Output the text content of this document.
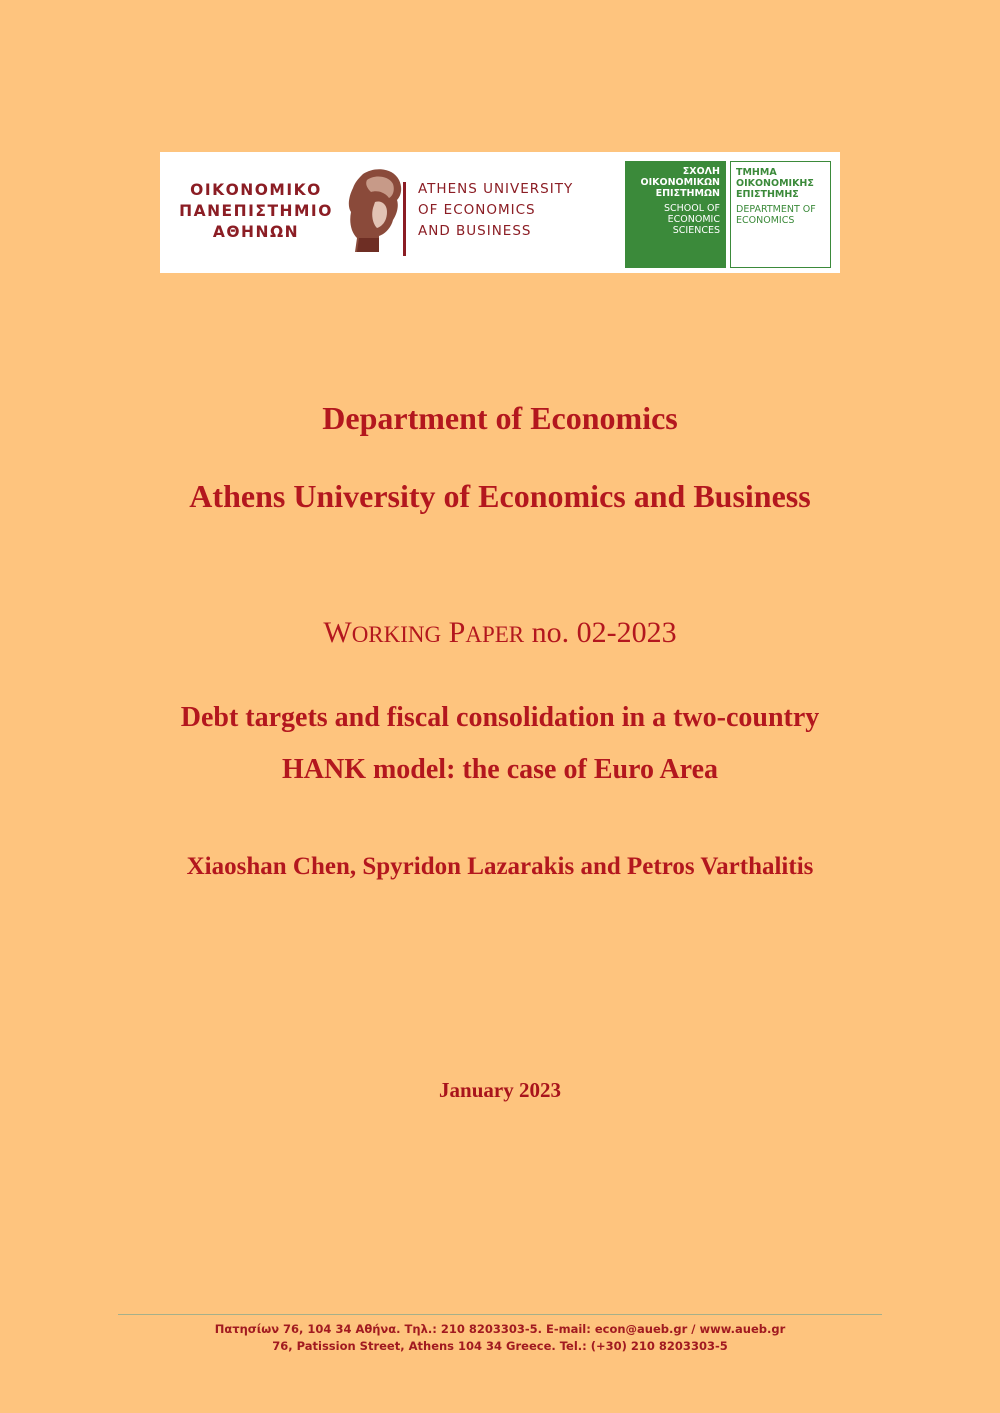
ΟΙΚΟΝΟΜΙΚΟ
ΠΑΝΕΠΙΣΤΗΜΙΟ
ΑΘΗΝΩΝ
ATHENS UNIVERSITY
OF ECONOMICS
AND BUSINESS
ΣΧΟΛΗ
ΟΙΚΟΝΟΜΙΚΩΝ
ΕΠΙΣΤΗΜΩΝ
SCHOOL OF
ECONOMIC
SCIENCES
ΤΜΗΜΑ
ΟΙΚΟΝΟΜΙΚΗΣ
ΕΠΙΣΤΗΜΗΣ
DEPARTMENT OF
ECONOMICS
Department of Economics
Athens University of Economics and Business
WORKING PAPER no. 02-2023
Debt targets and fiscal consolidation in a two-country
HANK model: the case of Euro Area
Xiaoshan Chen, Spyridon Lazarakis and Petros Varthalitis
January 2023
Πατησίων 76, 104 34 Αθήνα. Τηλ.: 210 8203303-5. E-mail: econ@aueb.gr / www.aueb.gr
76, Patission Street, Athens 104 34 Greece. Tel.: (+30) 210 8203303-5
